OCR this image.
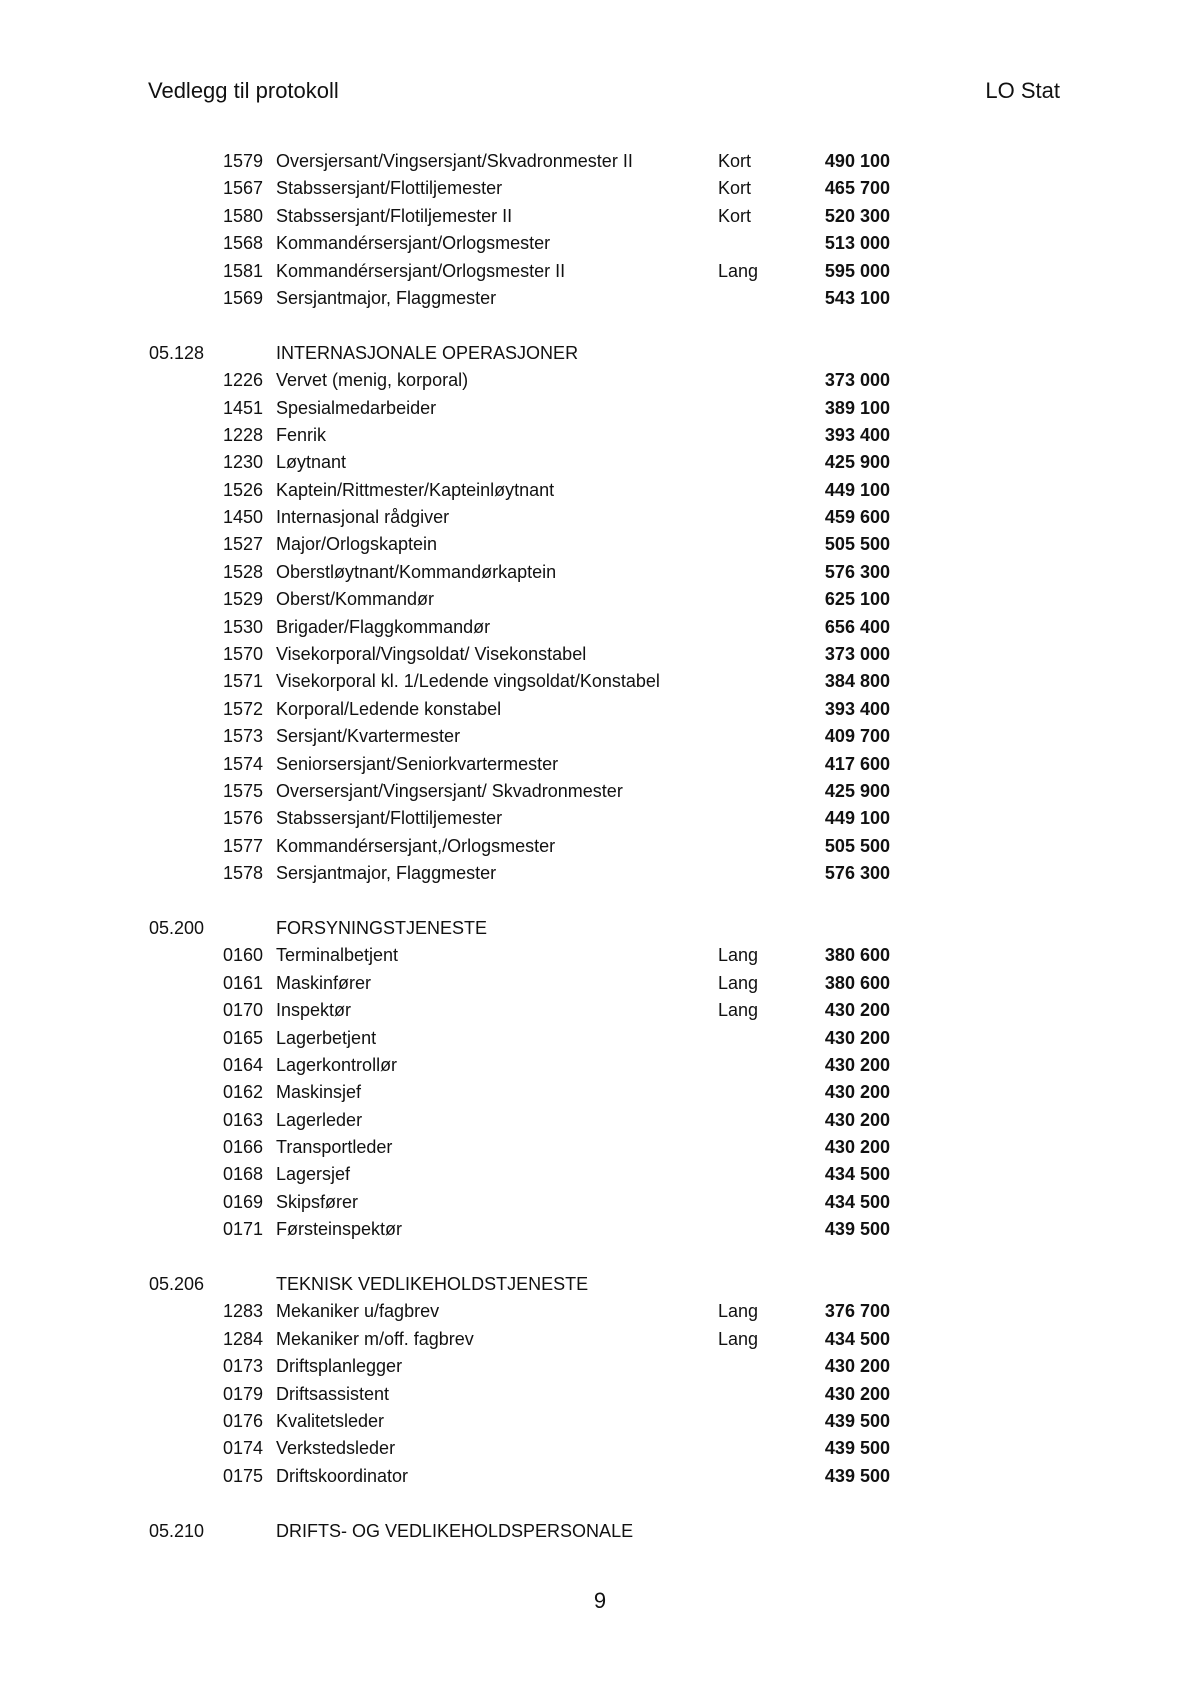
Vedlegg til protokoll	LO Stat
1579 Oversjersant/Vingsersjant/Skvadronmester II	Kort	490 100
1567 Stabssersjant/Flottiljemester	Kort	465 700
1580 Stabssersjant/Flotiljemester II	Kort	520 300
1568 Kommandérsersjant/Orlogsmester	513 000
1581 Kommandérsersjant/Orlogsmester II	Lang	595 000
1569 Sersjantmajor, Flaggmester	543 100
05.128	INTERNASJONALE OPERASJONER
1226 Vervet (menig, korporal)	373 000
1451 Spesialmedarbeider	389 100
1228 Fenrik	393 400
1230 Løytnant	425 900
1526 Kaptein/Rittmester/Kapteinløytnant	449 100
1450 Internasjonal rådgiver	459 600
1527 Major/Orlogskaptein	505 500
1528 Oberstløytnant/Kommandørkaptein	576 300
1529 Oberst/Kommandør	625 100
1530 Brigader/Flaggkommandør	656 400
1570 Visekorporal/Vingsoldat/ Visekonstabel	373 000
1571 Visekorporal kl. 1/Ledende vingsoldat/Konstabel	384 800
1572 Korporal/Ledende konstabel	393 400
1573 Sersjant/Kvartermester	409 700
1574 Seniorsersjant/Seniorkvartermester	417 600
1575 Oversersjant/Vingsersjant/ Skvadronmester	425 900
1576 Stabssersjant/Flottiljemester	449 100
1577 Kommandérsersjant,/Orlogsmester	505 500
1578 Sersjantmajor, Flaggmester	576 300
05.200	FORSYNINGSTJENESTE
0160 Terminalbetjent	Lang	380 600
0161 Maskinfører	Lang	380 600
0170 Inspektør	Lang	430 200
0165 Lagerbetjent	430 200
0164 Lagerkontrollør	430 200
0162 Maskinsjef	430 200
0163 Lagerleder	430 200
0166 Transportleder	430 200
0168 Lagersjef	434 500
0169 Skipsfører	434 500
0171 Førsteinspektør	439 500
05.206	TEKNISK VEDLIKEHOLDSTJENESTE
1283 Mekaniker u/fagbrev	Lang	376 700
1284 Mekaniker m/off. fagbrev	Lang	434 500
0173 Driftsplanlegger	430 200
0179 Driftsassistent	430 200
0176 Kvalitetsleder	439 500
0174 Verkstedsleder	439 500
0175 Driftskoordinator	439 500
05.210	DRIFTS- OG VEDLIKEHOLDSPERSONALE
9
